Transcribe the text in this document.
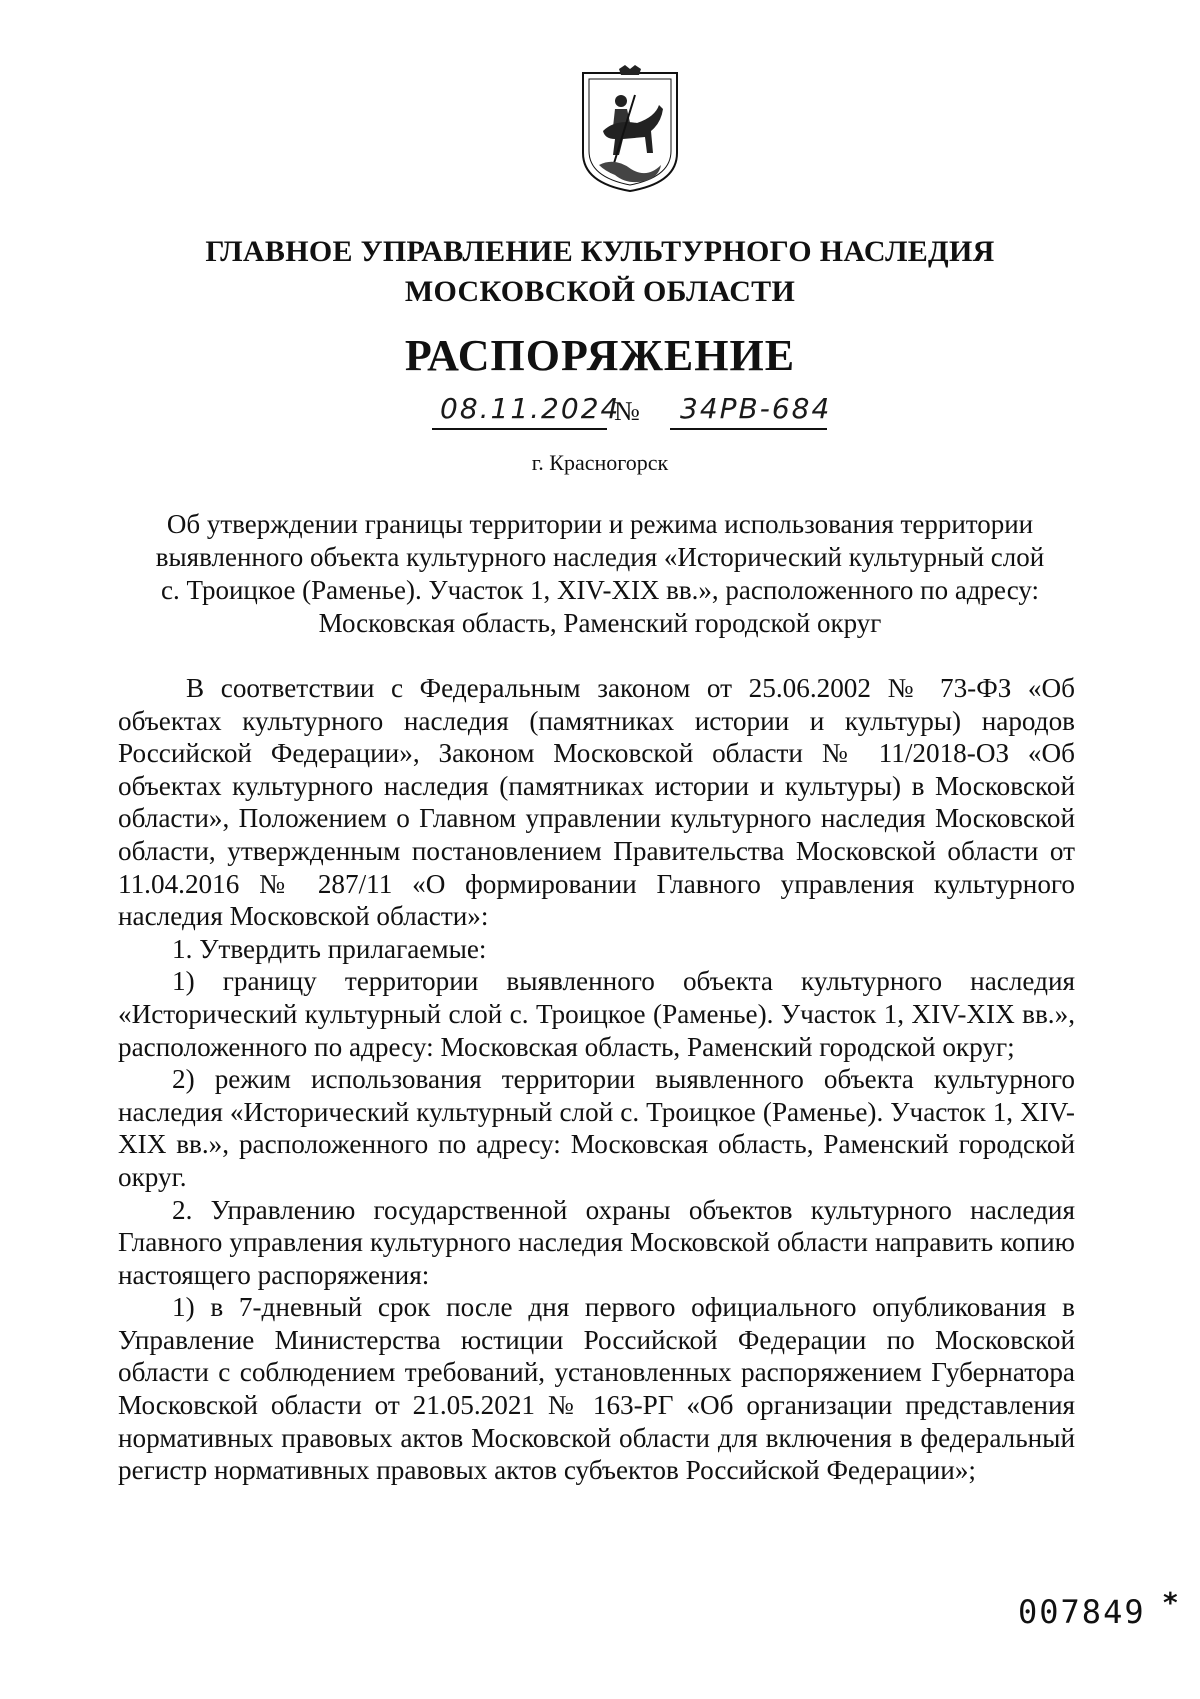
ГЛАВНОЕ УПРАВЛЕНИЕ КУЛЬТУРНОГО НАСЛЕДИЯ
МОСКОВСКОЙ ОБЛАСТИ
РАСПОРЯЖЕНИЕ
08.11.2024
№ 34РВ-684
г. Красногорск
Об утверждении границы территории и режима использования территории
выявленного объекта культурного наследия «Исторический культурный слой
с. Троицкое (Раменье). Участок 1, XIV-XIX вв.», расположенного по адресу:
Московская область, Раменский городской округ

В соответствии с Федеральным законом от 25.06.2002 № 73-ФЗ «Об объектах культурного наследия (памятниках истории и культуры) народов Российской Федерации», Законом Московской области № 11/2018-ОЗ «Об объектах культурного наследия (памятниках истории и культуры) в Московской области», Положением о Главном управлении культурного наследия Московской области, утвержденным постановлением Правительства Московской области от 11.04.2016 № 287/11 «О формировании Главного управления культурного наследия Московской области»:

1. Утвердить прилагаемые:

1) границу территории выявленного объекта культурного наследия «Исторический культурный слой с. Троицкое (Раменье). Участок 1, XIV-XIX вв.», расположенного по адресу: Московская область, Раменский городской округ;

2) режим использования территории выявленного объекта культурного наследия «Исторический культурный слой с. Троицкое (Раменье). Участок 1, XIV-XIX вв.», расположенного по адресу: Московская область, Раменский городской округ.

2. Управлению государственной охраны объектов культурного наследия Главного управления культурного наследия Московской области направить копию настоящего распоряжения:

1) в 7-дневный срок после дня первого официального опубликования в Управление Министерства юстиции Российской Федерации по Московской области с соблюдением требований, установленных распоряжением Губернатора Московской области от 21.05.2021 № 163-РГ «Об организации представления нормативных правовых актов Московской области для включения в федеральный регистр нормативных правовых актов субъектов Российской Федерации»;

007849 *
